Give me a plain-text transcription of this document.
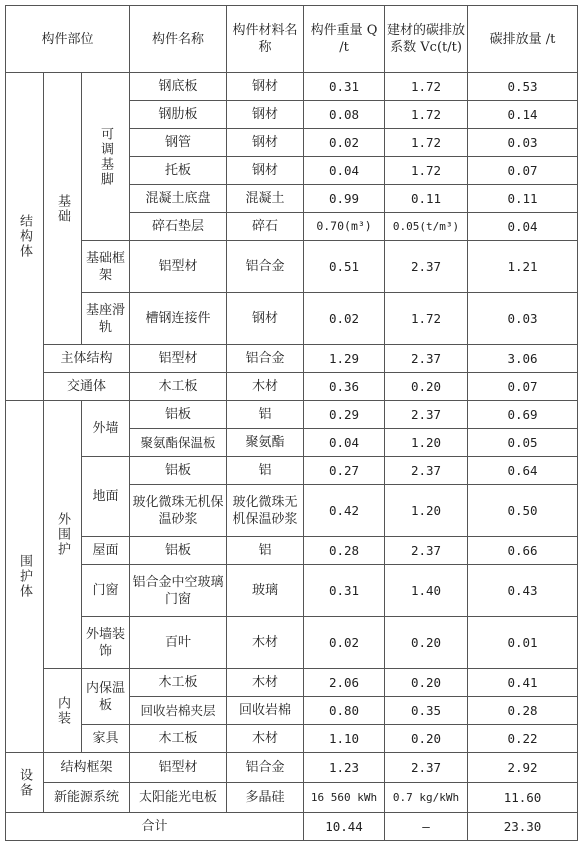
构件部位			构件名称	构件材料名称	构件重量 Q /t	建材的碳排放系数 Vc(t/t)	碳排放量 /t
结构体	基础	可调基脚	钢底板	钢材	0.31	1.72	0.53
			钢肋板	钢材	0.08	1.72	0.14
			钢管	钢材	0.02	1.72	0.03
			托板	钢材	0.04	1.72	0.07
			混凝土底盘	混凝土	0.99	0.11	0.11
			碎石垫层	碎石	0.70(m³)	0.05(t/m³)	0.04
		基础框架	铝型材	铝合金	0.51	2.37	1.21
		基座滑轨	槽钢连接件	钢材	0.02	1.72	0.03
	主体结构		铝型材	铝合金	1.29	2.37	3.06
	交通体		木工板	木材	0.36	0.20	0.07
围护体	外围护	外墙	铝板	铝	0.29	2.37	0.69
			聚氨酯保温板	聚氨酯	0.04	1.20	0.05
		地面	铝板	铝	0.27	2.37	0.64
			玻化微珠无机保温砂浆	玻化微珠无机保温砂浆	0.42	1.20	0.50
		屋面	铝板	铝	0.28	2.37	0.66
		门窗	铝合金中空玻璃门窗	玻璃	0.31	1.40	0.43
		外墙装饰	百叶	木材	0.02	0.20	0.01
	内装	内保温板	木工板	木材	2.06	0.20	0.41
			回收岩棉夹层	回收岩棉	0.80	0.35	0.28
		家具	木工板	木材	1.10	0.20	0.22
设备	结构框架		铝型材	铝合金	1.23	2.37	2.92
	新能源系统		太阳能光电板	多晶硅	16 560 kWh	0.7 kg/kWh	11.60
合计					10.44	—	23.30
